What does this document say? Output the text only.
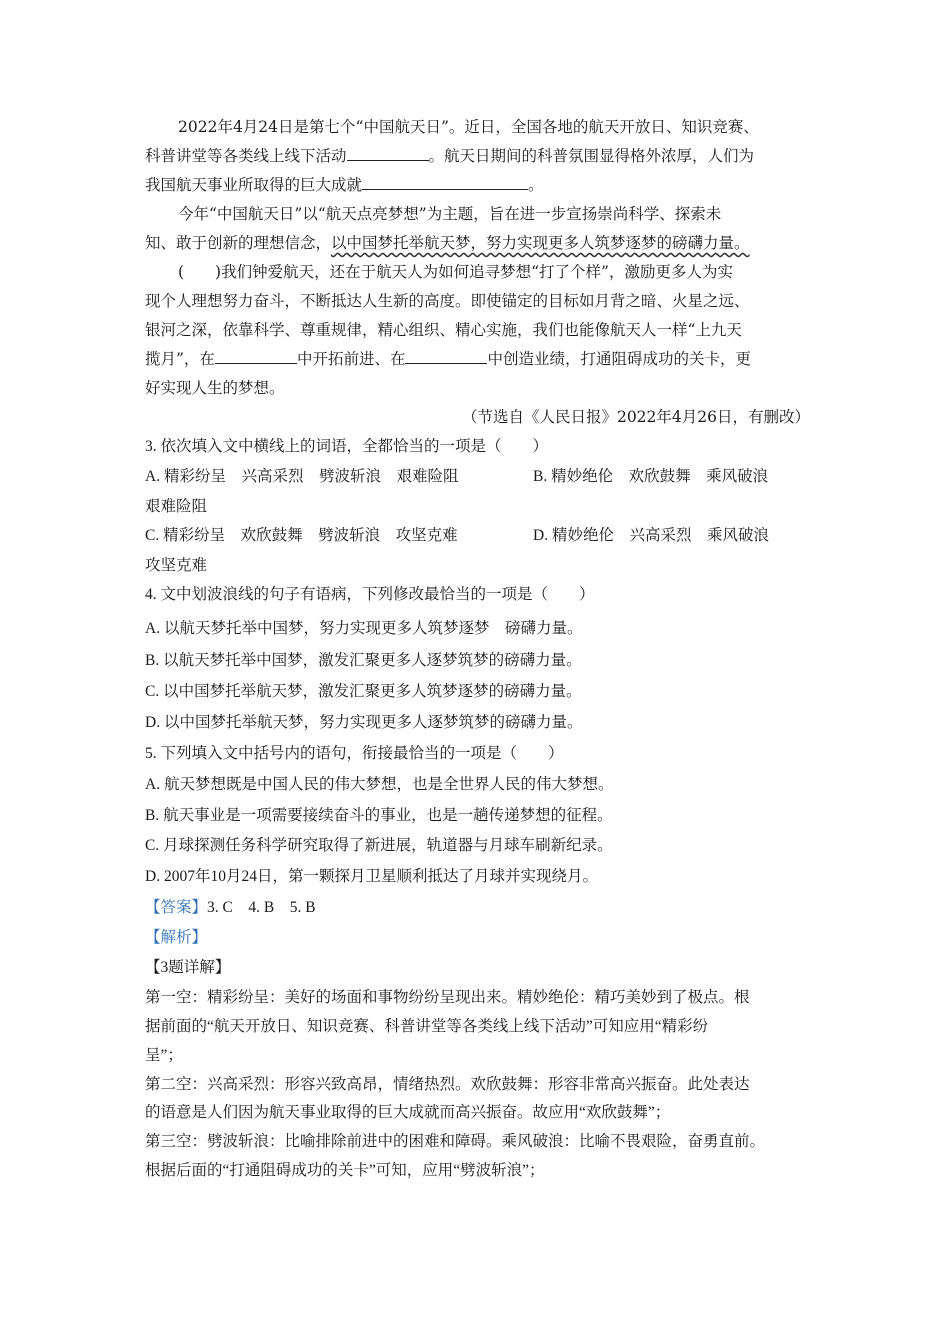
2022年4月24日是第七个“中国航天日”。近日，全国各地的航天开放日、知识竞赛、
科普讲堂等各类线上线下活动	。航天日期间的科普氛围显得格外浓厚，人们为
我国航天事业所取得的巨大成就	。
今年“中国航天日”以“航天点亮梦想”为主题，旨在进一步宣扬崇尚科学、探索未
知、敢于创新的理想信念，以中国梦托举航天梦，努力实现更多人筑梦逐梦的磅礴力量。
(　　)我们钟爱航天，还在于航天人为如何追寻梦想“打了个样”，激励更多人为实
现个人理想努力奋斗，不断抵达人生新的高度。即使锚定的目标如月背之暗、火星之远、
银河之深，依靠科学、尊重规律，精心组织、精心实施，我们也能像航天人一样“上九天
揽月”，在	中开拓前进、在	中创造业绩，打通阻碍成功的关卡，更
好实现人生的梦想。
（节选自《人民日报》2022年4月26日，有删改）
3. 依次填入文中横线上的词语，全都恰当的一项是（　　）
A. 精彩纷呈　兴高采烈　劈波斩浪　艰难险阻	B. 精妙绝伦　欢欣鼓舞　乘风破浪
艰难险阻
C. 精彩纷呈　欢欣鼓舞　劈波斩浪　攻坚克难	D. 精妙绝伦　兴高采烈　乘风破浪
攻坚克难
4. 文中划波浪线的句子有语病，下列修改最恰当的一项是（　　）
A. 以航天梦托举中国梦，努力实现更多人筑梦逐梦　磅礴力量。
B. 以航天梦托举中国梦，激发汇聚更多人逐梦筑梦的磅礴力量。
C. 以中国梦托举航天梦，激发汇聚更多人筑梦逐梦的磅礴力量。
D. 以中国梦托举航天梦，努力实现更多人逐梦筑梦的磅礴力量。
5. 下列填入文中括号内的语句，衔接最恰当的一项是（　　）
A. 航天梦想既是中国人民的伟大梦想，也是全世界人民的伟大梦想。
B. 航天事业是一项需要接续奋斗的事业，也是一趟传递梦想的征程。
C. 月球探测任务科学研究取得了新进展，轨道器与月球车刷新纪录。
D. 2007年10月24日，第一颗探月卫星顺利抵达了月球并实现绕月。
【答案】3. C　4. B　5. B
【解析】
【3题详解】
第一空：精彩纷呈：美好的场面和事物纷纷呈现出来。精妙绝伦：精巧美妙到了极点。根
据前面的“航天开放日、知识竞赛、科普讲堂等各类线上线下活动”可知应用“精彩纷
呈”；
第二空：兴高采烈：形容兴致高昂，情绪热烈。欢欣鼓舞：形容非常高兴振奋。此处表达
的语意是人们因为航天事业取得的巨大成就而高兴振奋。故应用“欢欣鼓舞”；
第三空：劈波斩浪：比喻排除前进中的困难和障碍。乘风破浪：比喻不畏艰险，奋勇直前。
根据后面的“打通阻碍成功的关卡”可知，应用“劈波斩浪”；
